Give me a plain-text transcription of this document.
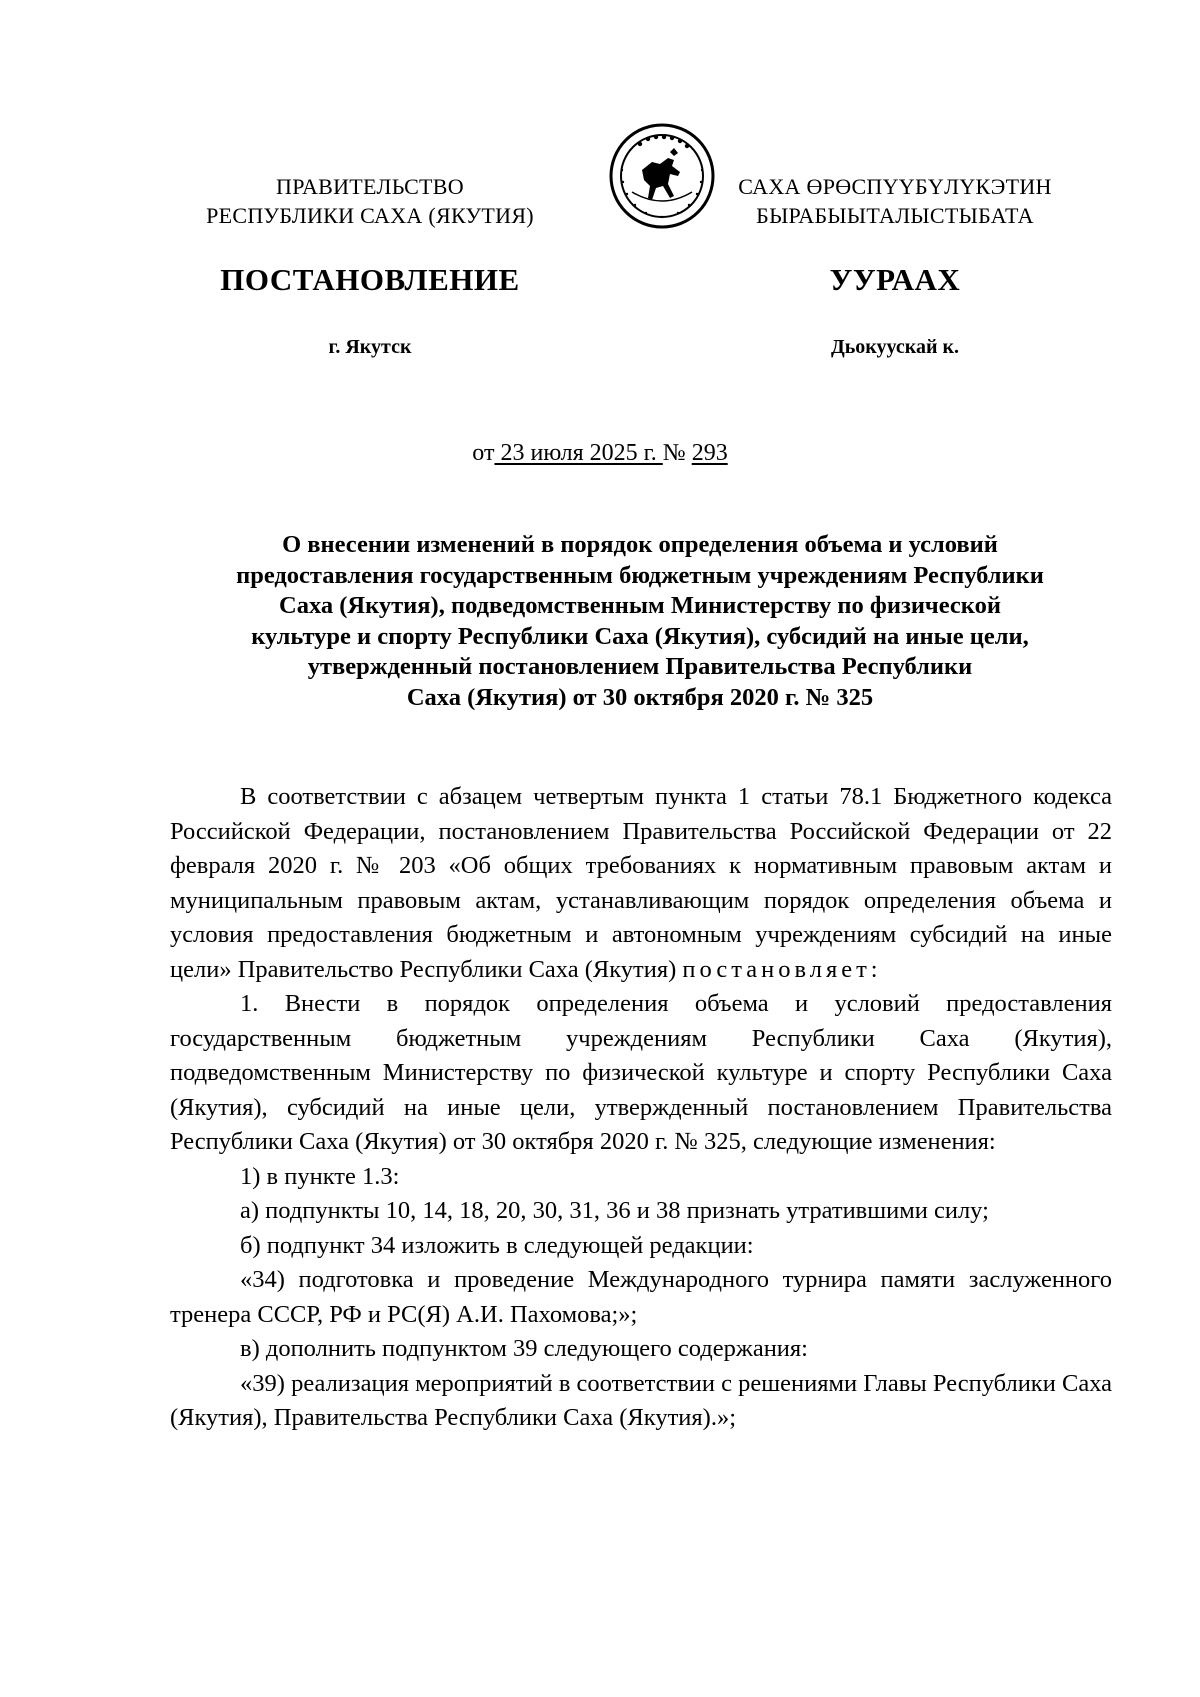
ПРАВИТЕЛЬСТВО
РЕСПУБЛИКИ САХА (ЯКУТИЯ)
САХА ӨРӨСПҮҮБҮЛҮКЭТИН
БЫРАБЫЫТАЛЫСТЫБАТА
ПОСТАНОВЛЕНИЕ	УУРААХ
г. Якутск	Дьокуускай к.
от 23 июля 2025 г. № 293
О внесении изменений в порядок определения объема и условий
предоставления государственным бюджетным учреждениям Республики
Саха (Якутия), подведомственным Министерству по физической
культуре и спорту Республики Саха (Якутия), субсидий на иные цели,
утвержденный постановлением Правительства Республики
Саха (Якутия) от 30 октября 2020 г. № 325

В соответствии с абзацем четвертым пункта 1 статьи 78.1 Бюджетного кодекса Российской Федерации, постановлением Правительства Российской Федерации от 22 февраля 2020 г. № 203 «Об общих требованиях к нормативным правовым актам и муниципальным правовым актам, устанавливающим порядок определения объема и условия предоставления бюджетным и автономным учреждениям субсидий на иные цели» Правительство Республики Саха (Якутия) постановляет:

1. Внести в порядок определения объема и условий предоставления государственным бюджетным учреждениям Республики Саха (Якутия), подведомственным Министерству по физической культуре и спорту Республики Саха (Якутия), субсидий на иные цели, утвержденный постановлением Правительства Республики Саха (Якутия) от 30 октября 2020 г. № 325, следующие изменения:

1) в пункте 1.3:

а) подпункты 10, 14, 18, 20, 30, 31, 36 и 38 признать утратившими силу;

б) подпункт 34 изложить в следующей редакции:

«34) подготовка и проведение Международного турнира памяти заслуженного тренера СССР, РФ и РС(Я) А.И. Пахомова;»;

в) дополнить подпунктом 39 следующего содержания:

«39) реализация мероприятий в соответствии с решениями Главы Республики Саха (Якутия), Правительства Республики Саха (Якутия).»;
